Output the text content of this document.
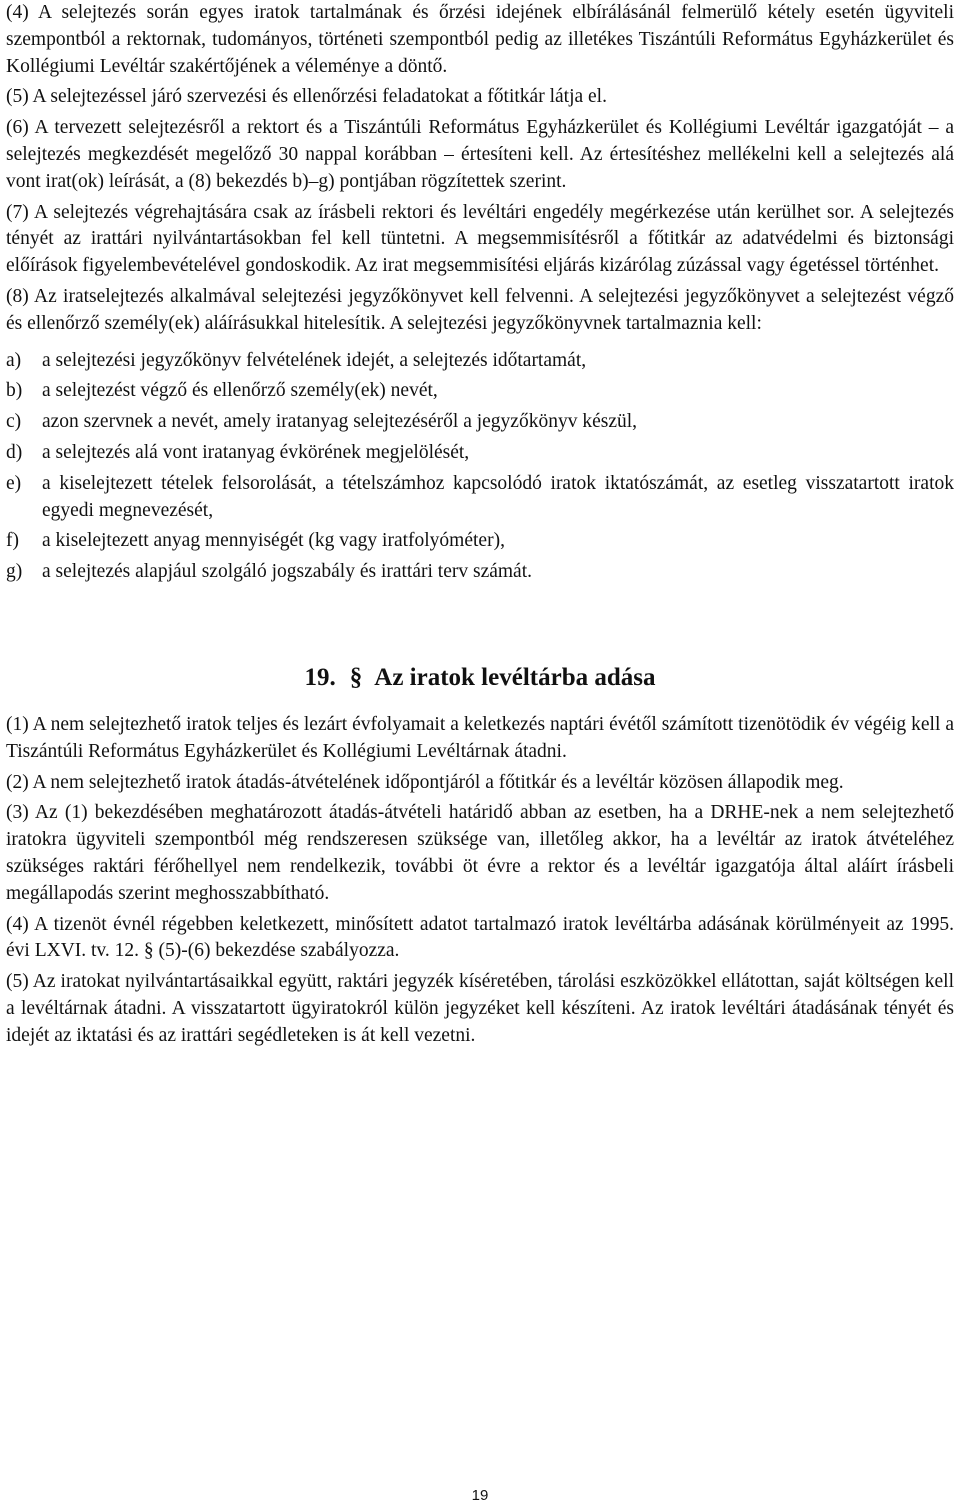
(4) A selejtezés során egyes iratok tartalmának és őrzési idejének elbírálásánál felmerülő kétely esetén ügyviteli szempontból a rektornak, tudományos, történeti szempontból pedig az illetékes Tiszántúli Református Egyházkerület és Kollégiumi Levéltár szakértőjének a véleménye a döntő.

(5) A selejtezéssel járó szervezési és ellenőrzési feladatokat a főtitkár látja el.

(6) A tervezett selejtezésről a rektort és a Tiszántúli Református Egyházkerület és Kollégiumi Levéltár igazgatóját – a selejtezés megkezdését megelőző 30 nappal korábban – értesíteni kell. Az értesítéshez mellékelni kell a selejtezés alá vont irat(ok) leírását, a (8) bekezdés b)–g) pontjában rögzítettek szerint.

(7) A selejtezés végrehajtására csak az írásbeli rektori és levéltári engedély megérkezése után kerülhet sor. A selejtezés tényét az irattári nyilvántartásokban fel kell tüntetni. A megsemmisítésről a főtitkár az adatvédelmi és biztonsági előírások figyelembevételével gondoskodik. Az irat megsemmisítési eljárás kizárólag zúzással vagy égetéssel történhet.

(8) Az iratselejtezés alkalmával selejtezési jegyzőkönyvet kell felvenni. A selejtezési jegyzőkönyvet a selejtezést végző és ellenőrző személy(ek) aláírásukkal hitelesítik. A selejtezési jegyzőkönyvnek tartalmaznia kell:

a)	a selejtezési jegyzőkönyv felvételének idejét, a selejtezés időtartamát,
b)	a selejtezést végző és ellenőrző személy(ek) nevét,
c)	azon szervnek a nevét, amely iratanyag selejtezéséről a jegyzőkönyv készül,
d)	a selejtezés alá vont iratanyag évkörének megjelölését,
e)	a kiselejtezett tételek felsorolását, a tételszámhoz kapcsolódó iratok iktatószámát, az esetleg visszatartott iratok egyedi megnevezését,
f)	a kiselejtezett anyag mennyiségét (kg vagy iratfolyóméter),
g)	a selejtezés alapjául szolgáló jogszabály és irattári terv számát.
19. § Az iratok levéltárba adása

(1) A nem selejtezhető iratok teljes és lezárt évfolyamait a keletkezés naptári évétől számított tizenötödik év végéig kell a Tiszántúli Református Egyházkerület és Kollégiumi Levéltárnak átadni.

(2) A nem selejtezhető iratok átadás-átvételének időpontjáról a főtitkár és a levéltár közösen állapodik meg.

(3) Az (1) bekezdésében meghatározott átadás-átvételi határidő abban az esetben, ha a DRHE-nek a nem selejtezhető iratokra ügyviteli szempontból még rendszeresen szüksége van, illetőleg akkor, ha a levéltár az iratok átvételéhez szükséges raktári férőhellyel nem rendelkezik, további öt évre a rektor és a levéltár igazgatója által aláírt írásbeli megállapodás szerint meghosszabbítható.

(4) A tizenöt évnél régebben keletkezett, minősített adatot tartalmazó iratok levéltárba adásának körülményeit az 1995. évi LXVI. tv. 12. § (5)-(6) bekezdése szabályozza.

(5) Az iratokat nyilvántartásaikkal együtt, raktári jegyzék kíséretében, tárolási eszközökkel ellátottan, saját költségen kell a levéltárnak átadni. A visszatartott ügyiratokról külön jegyzéket kell készíteni. Az iratok levéltári átadásának tényét és idejét az iktatási és az irattári segédleteken is át kell vezetni.

19
